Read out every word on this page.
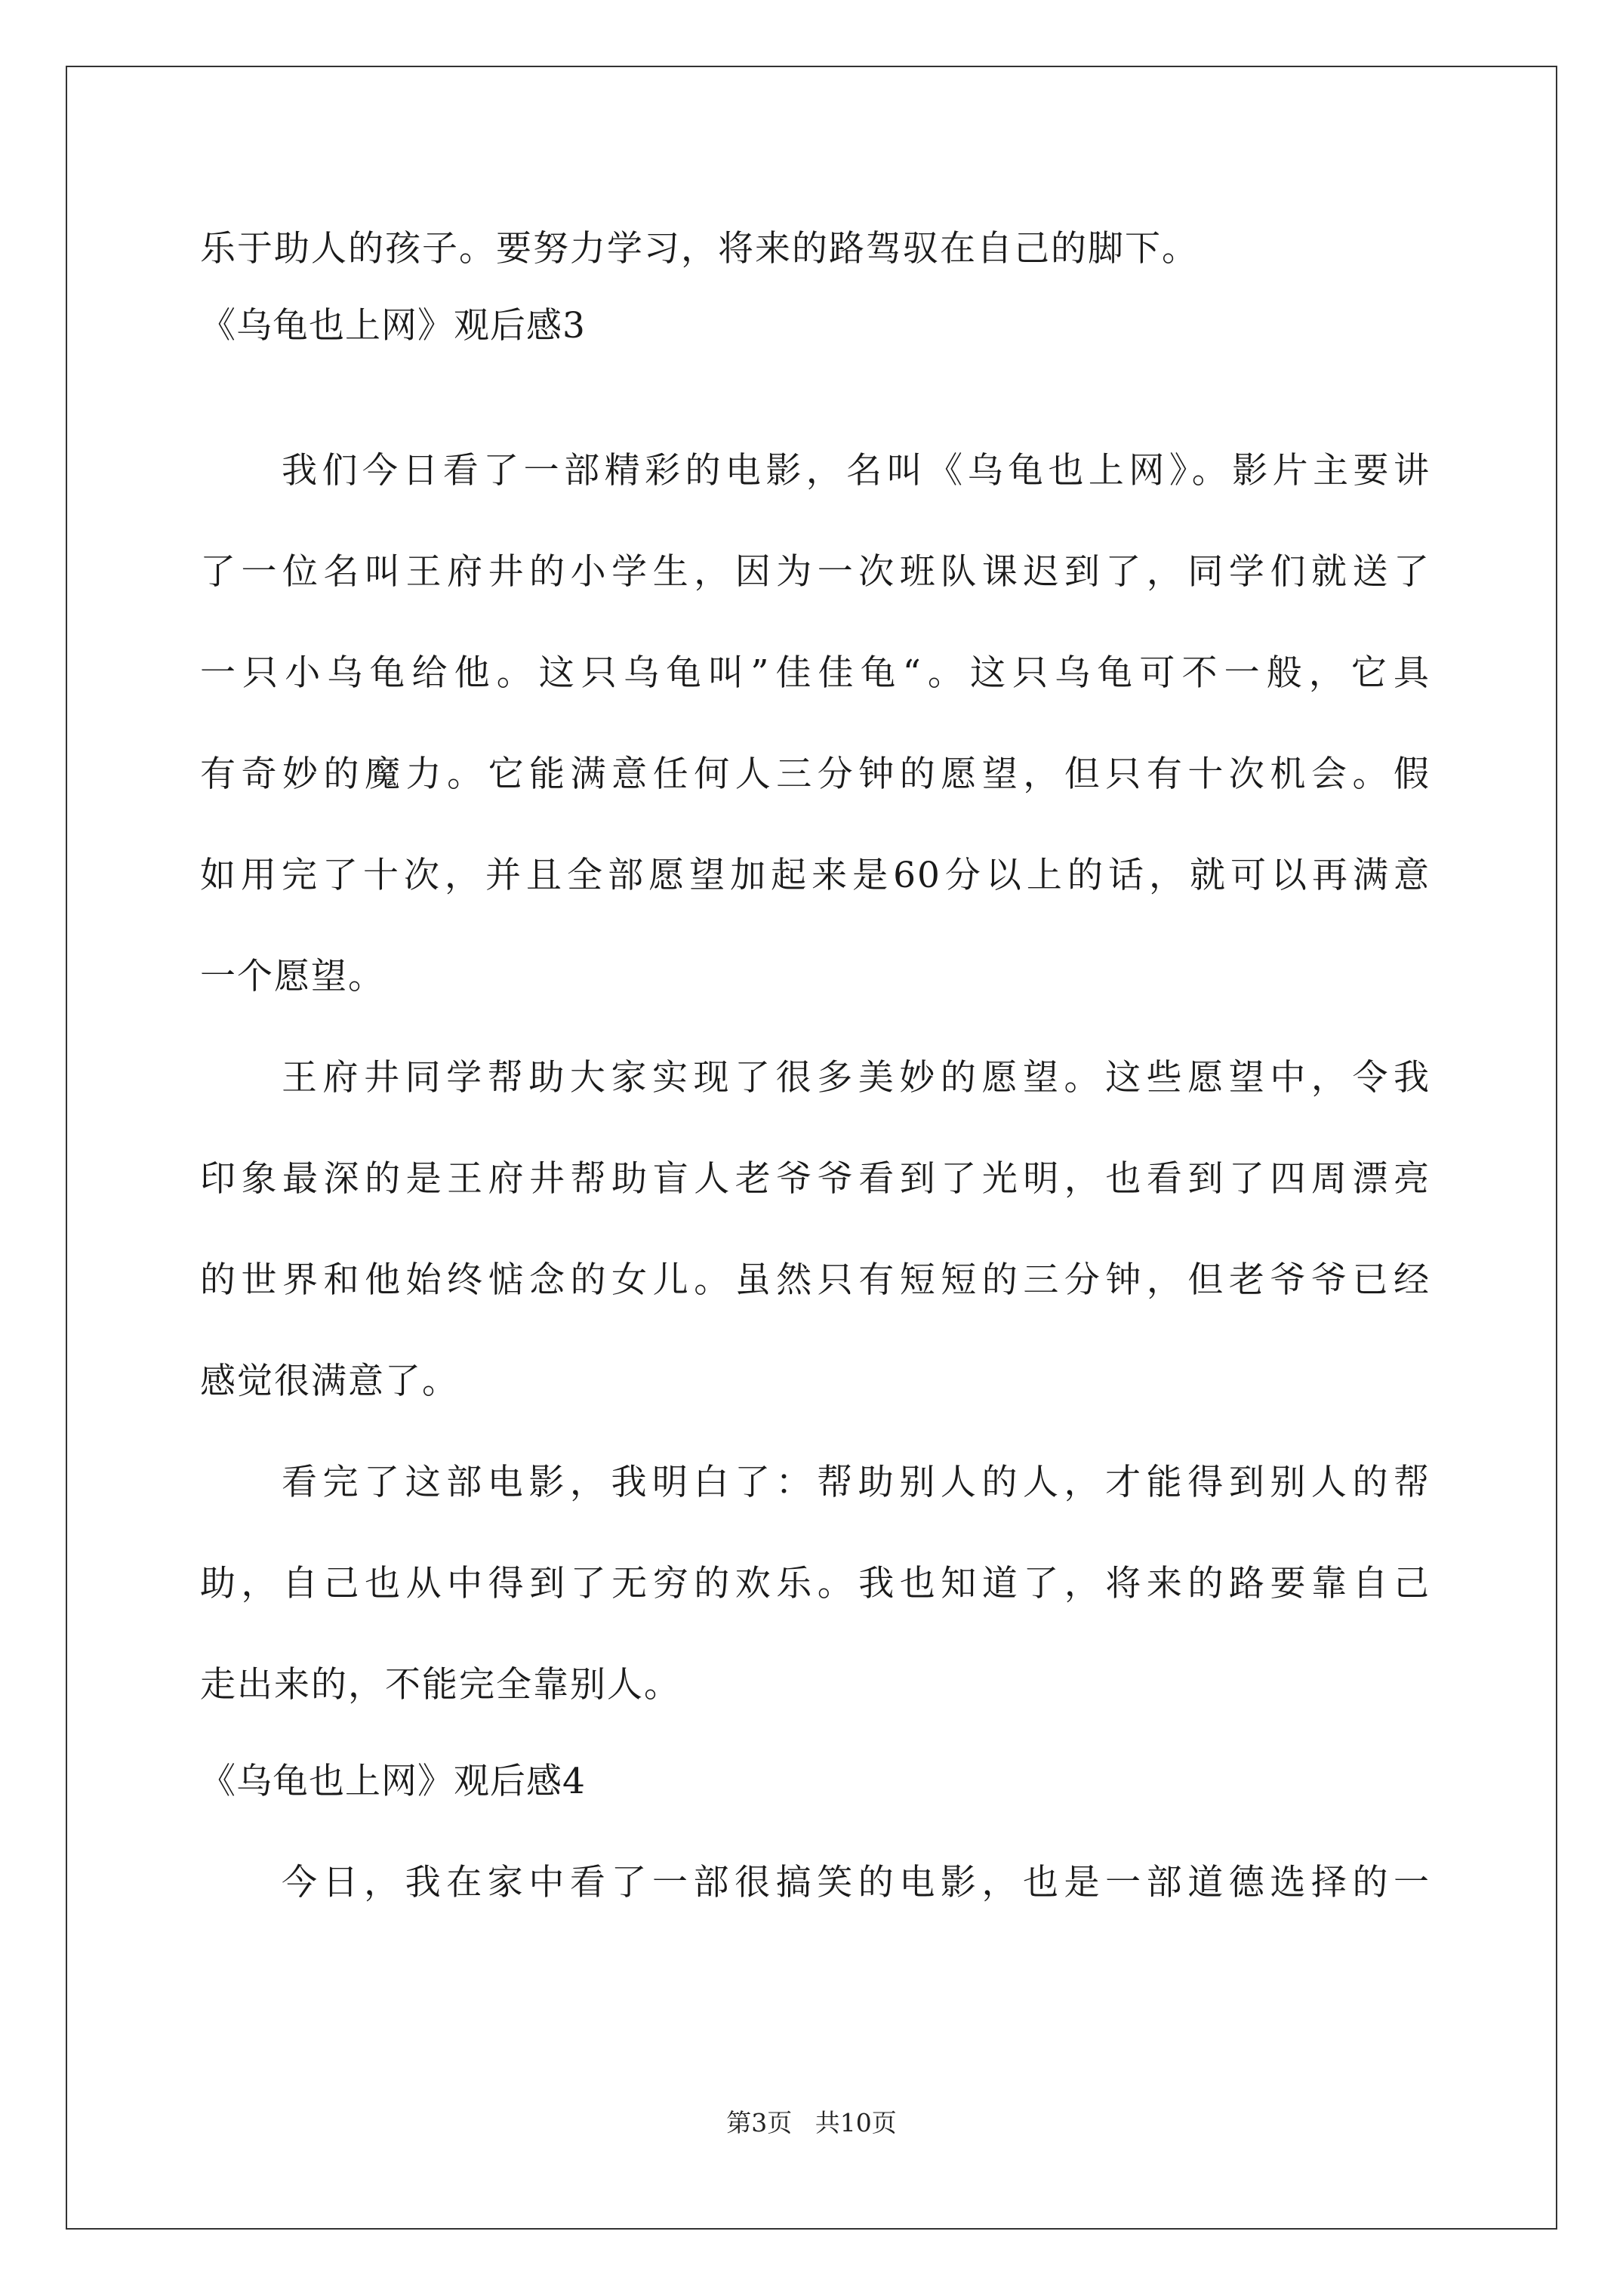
乐于助人的孩子。要努力学习，将来的路驾驭在自己的脚下。
《乌龟也上网》观后感3
我们今日看了一部精彩的电影，名叫《乌龟也上网》。影片主要讲
了一位名叫王府井的小学生，因为一次班队课迟到了，同学们就送了
一只小乌龟给他。这只乌龟叫”佳佳龟“。这只乌龟可不一般，它具
有奇妙的魔力。它能满意任何人三分钟的愿望，但只有十次机会。假
如用完了十次，并且全部愿望加起来是60分以上的话，就可以再满意
一个愿望。
王府井同学帮助大家实现了很多美妙的愿望。这些愿望中，令我
印象最深的是王府井帮助盲人老爷爷看到了光明，也看到了四周漂亮
的世界和他始终惦念的女儿。虽然只有短短的三分钟，但老爷爷已经
感觉很满意了。
看完了这部电影，我明白了：帮助别人的人，才能得到别人的帮
助，自己也从中得到了无穷的欢乐。我也知道了，将来的路要靠自己
走出来的，不能完全靠别人。
《乌龟也上网》观后感4
今日，我在家中看了一部很搞笑的电影，也是一部道德选择的一
第3页 共10页
